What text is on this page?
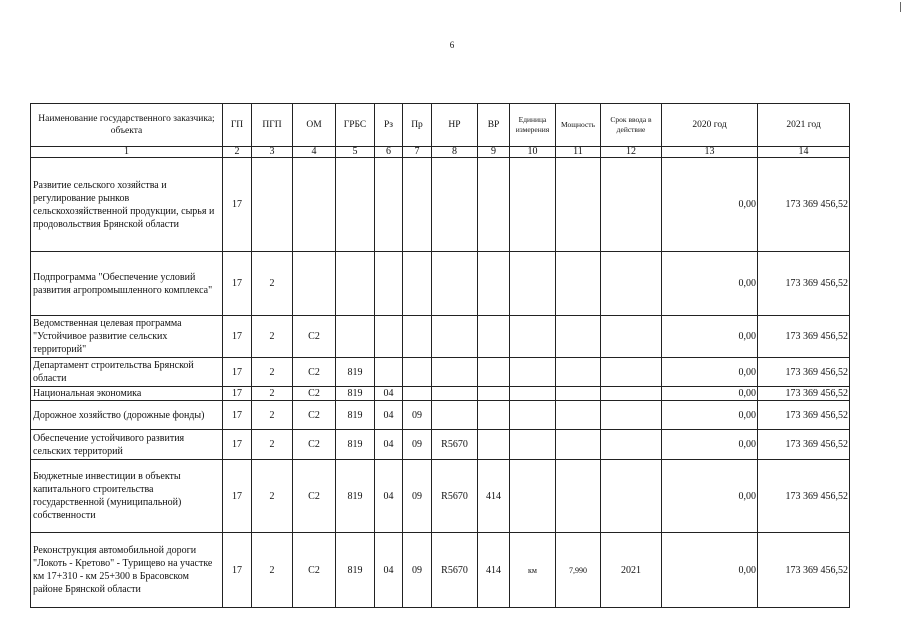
6
Наименование государственного заказчика; объекта	ГП	ПГП	ОМ	ГРБС	Рз	Пр	НР	ВР	Единица измерения	Мощность	Срок ввода в действие	2020 год	2021 год
1	2	3	4	5	6	7	8	9	10	11	12	13	14
Развитие сельского хозяйства и регулирование рынков сельскохозяйственной продукции, сырья и продовольствия Брянской области	17											0,00	173 369 456,52
Подпрограмма "Обеспечение условий развития агропромышленного комплекса"	17	2										0,00	173 369 456,52
Ведомственная целевая программа "Устойчивое развитие сельских территорий"	17	2	С2									0,00	173 369 456,52
Департамент строительства Брянской области	17	2	С2	819								0,00	173 369 456,52
Национальная экономика	17	2	С2	819	04							0,00	173 369 456,52
Дорожное хозяйство (дорожные фонды)	17	2	С2	819	04	09						0,00	173 369 456,52
Обеспечение устойчивого развития сельских территорий	17	2	С2	819	04	09	R5670					0,00	173 369 456,52
Бюджетные инвестиции в объекты капитального строительства государственной (муниципальной) собственности	17	2	С2	819	04	09	R5670	414				0,00	173 369 456,52
Реконструкция автомобильной дороги "Локоть - Кретово" - Турищево на участке км 17+310 - км 25+300 в Брасовском районе Брянской области	17	2	С2	819	04	09	R5670	414	км	7,990	2021	0,00	173 369 456,52
